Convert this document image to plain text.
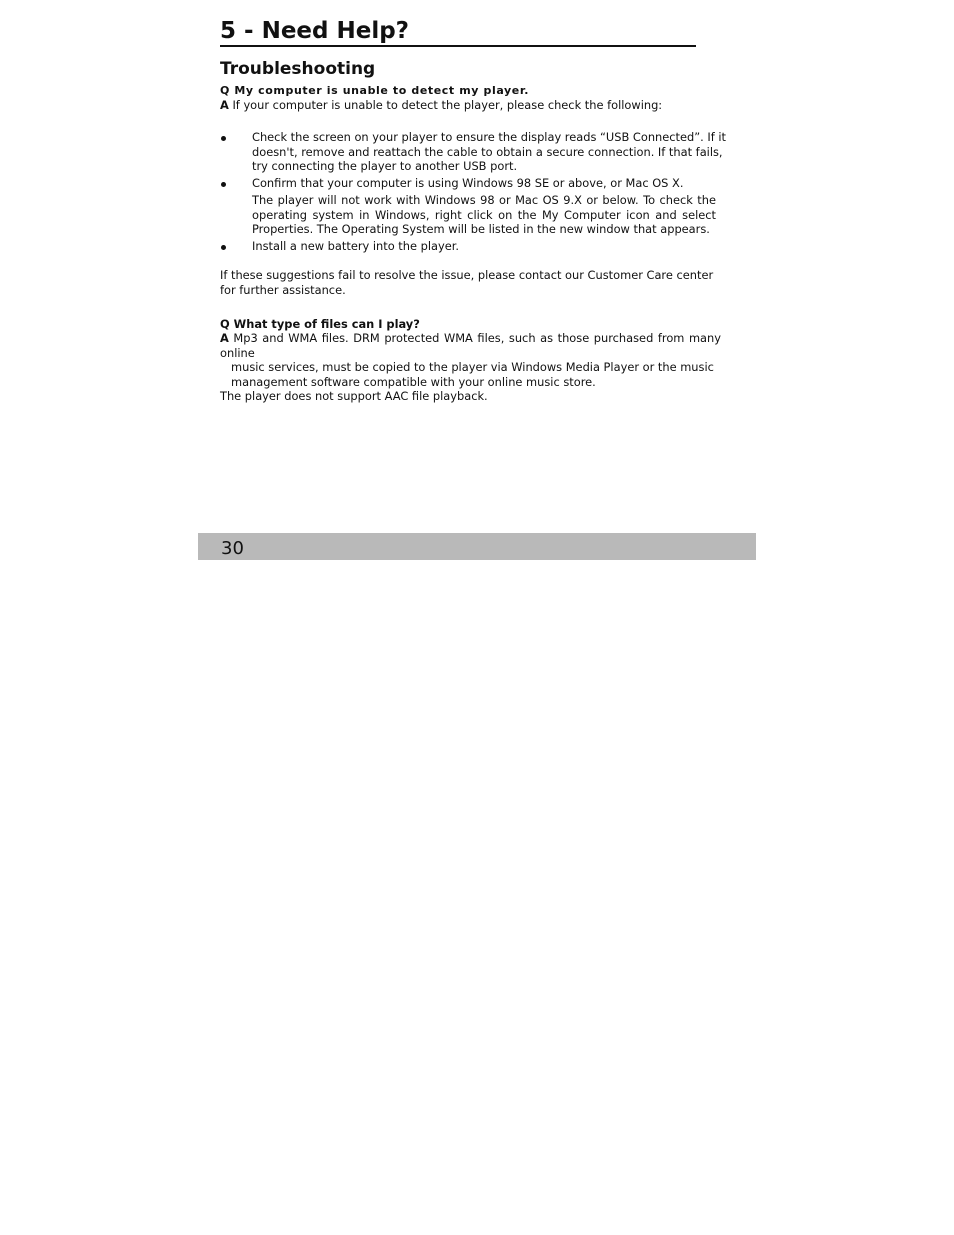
5 - Need Help?
Troubleshooting
Q My computer is unable to detect my player.
A If your computer is unable to detect the player, please check the following:
Check the screen on your player to ensure the display reads “USB Connected”. If it doesn't, remove and reattach the cable to obtain a secure connection. If that fails, try connecting the player to another USB port.
Confirm that your computer is using Windows 98 SE or above, or Mac OS X.
The player will not work with Windows 98 or Mac OS 9.X or below. To check the operating system in Windows, right click on the My Computer icon and select Properties. The Operating System will be listed in the new window that appears.
Install a new battery into the player.
If these suggestions fail to resolve the issue, please contact our Customer Care center for further assistance.
Q What type of files can I play?
A Mp3 and WMA files. DRM protected WMA files, such as those purchased from many online
music services, must be copied to the player via Windows Media Player or the music
management software compatible with your online music store.
The player does not support AAC file playback.
30
